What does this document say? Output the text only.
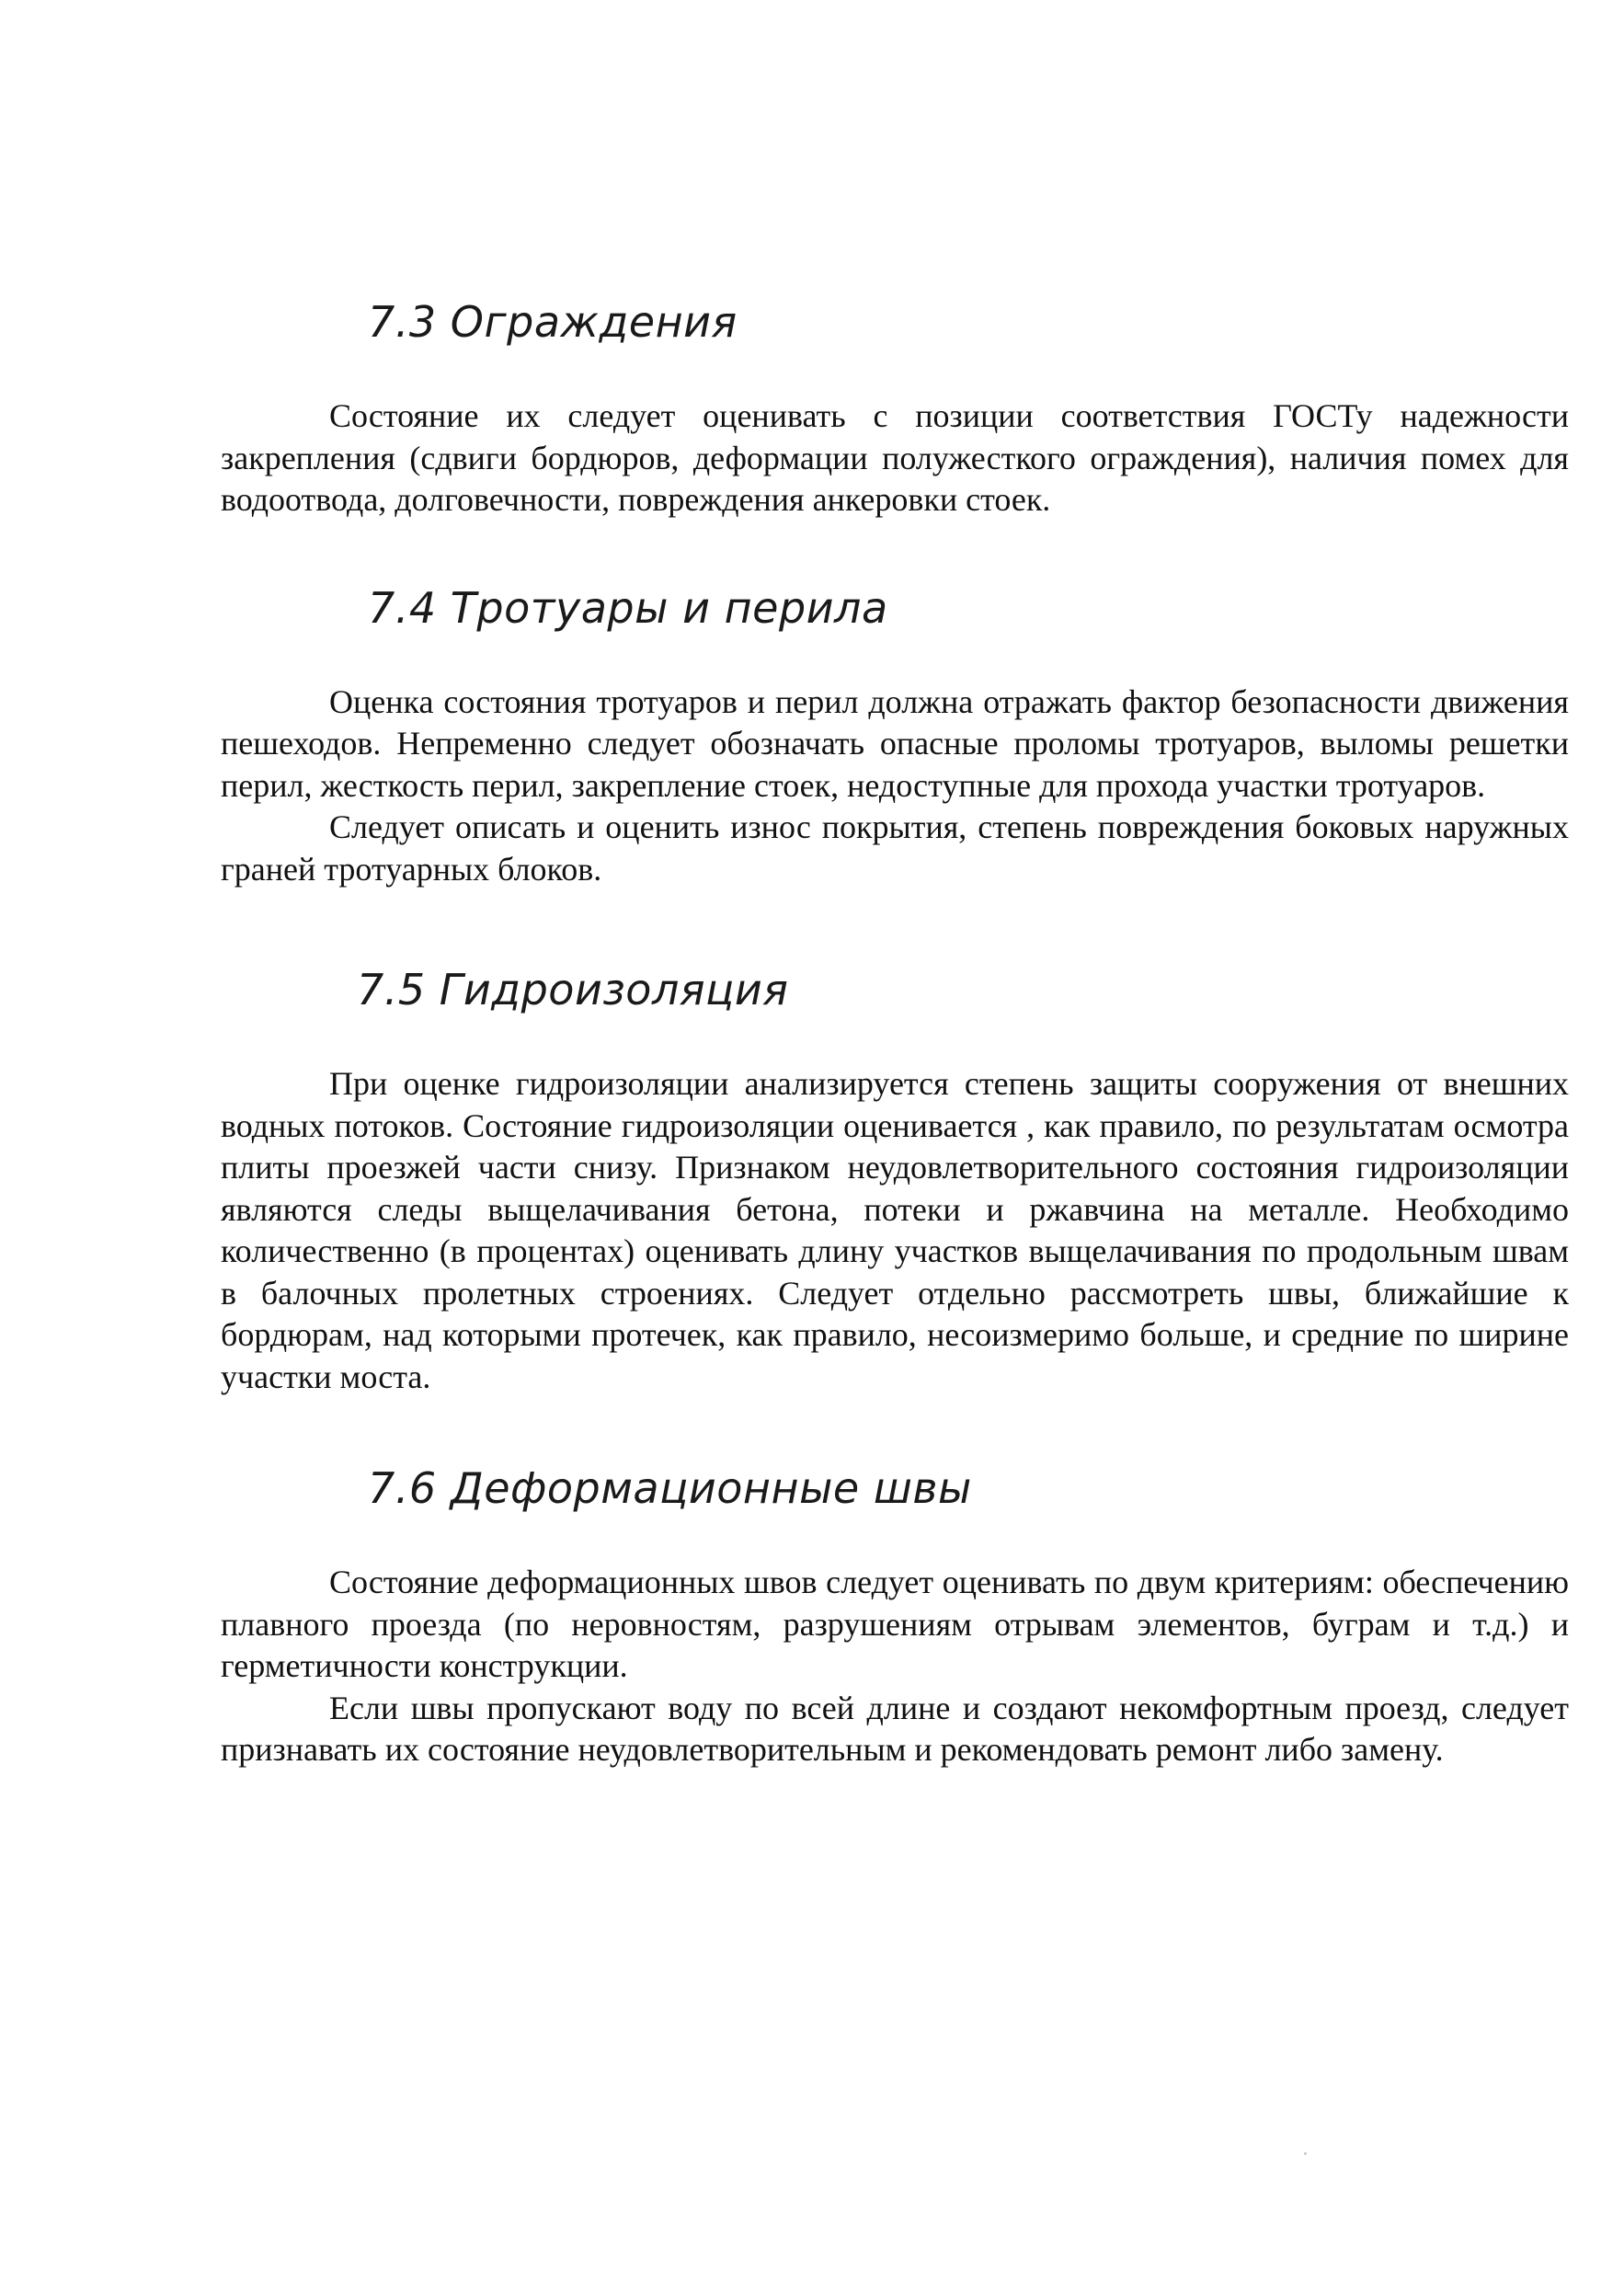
7.3 Ограждения

Состояние их следует оценивать с позиции соответствия ГОСТу надежности закрепления (сдвиги бордюров, деформации полужесткого ограждения), наличия помех для водоотвода, долговечности, повреждения анкеровки стоек.

7.4 Тротуары и перила

Оценка состояния тротуаров и перил должна отражать фактор безопасности движения пешеходов. Непременно следует обозначать опасные проломы тротуаров, выломы решетки перил, жесткость перил, закрепление стоек, недоступные для прохода участки тротуаров.

Следует описать и оценить износ покрытия, степень повреждения боковых наружных граней тротуарных блоков.

7.5 Гидроизоляция

При оценке гидроизоляции анализируется степень защиты сооружения от внешних водных потоков. Состояние гидроизоляции оценивается , как правило, по результатам осмотра плиты проезжей части снизу. Признаком неудовлетворительного состояния гидроизоляции являются следы выщелачивания бетона, потеки и ржавчина на металле. Необходимо количественно (в процентах) оценивать длину участков выщелачивания по продольным швам в балочных пролетных строениях. Следует отдельно рассмотреть швы, ближайшие к бордюрам, над которыми протечек, как правило, несоизмеримо больше, и средние по ширине участки моста.

7.6 Деформационные швы

Состояние деформационных швов следует оценивать по двум критериям: обеспечению плавного проезда (по неровностям, разрушениям отрывам элементов, буграм и т.д.) и герметичности конструкции.

Если швы пропускают воду по всей длине и создают некомфортным проезд, следует признавать их состояние неудовлетворительным и рекомендовать ремонт либо замену.
